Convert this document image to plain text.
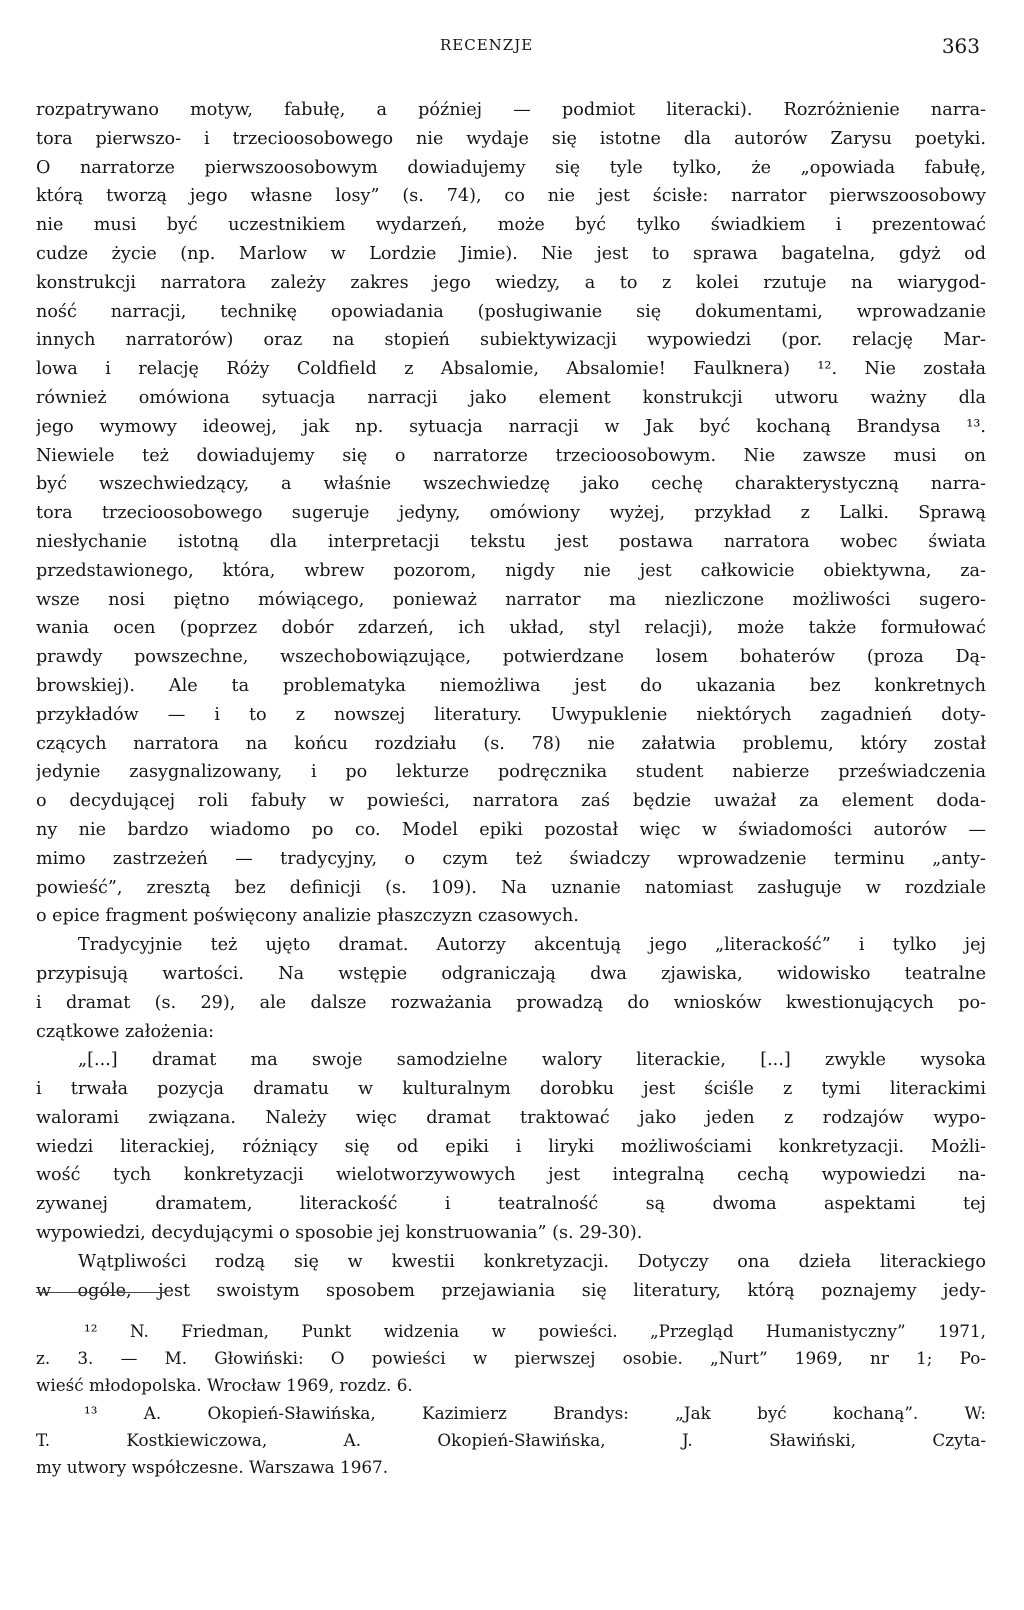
RECENZJE	363
rozpatrywano motyw, fabułę, a później — podmiot literacki). Rozróżnienie narra-
tora pierwszo- i trzecioosobowego nie wydaje się istotne dla autorów Zarysu poetyki.
O narratorze pierwszoosobowym dowiadujemy się tyle tylko, że „opowiada fabułę,
którą tworzą jego własne losy” (s. 74), co nie jest ścisłe: narrator pierwszoosobowy
nie musi być uczestnikiem wydarzeń, może być tylko świadkiem i prezentować
cudze życie (np. Marlow w Lordzie Jimie). Nie jest to sprawa bagatelna, gdyż od
konstrukcji narratora zależy zakres jego wiedzy, a to z kolei rzutuje na wiarygod-
ność narracji, technikę opowiadania (posługiwanie się dokumentami, wprowadzanie
innych narratorów) oraz na stopień subiektywizacji wypowiedzi (por. relację Mar-
lowa i relację Róży Coldfield z Absalomie, Absalomie! Faulknera) ¹². Nie została
również omówiona sytuacja narracji jako element konstrukcji utworu ważny dla
jego wymowy ideowej, jak np. sytuacja narracji w Jak być kochaną Brandysa ¹³.
Niewiele też dowiadujemy się o narratorze trzecioosobowym. Nie zawsze musi on
być wszechwiedzący, a właśnie wszechwiedzę jako cechę charakterystyczną narra-
tora trzecioosobowego sugeruje jedyny, omówiony wyżej, przykład z Lalki. Sprawą
niesłychanie istotną dla interpretacji tekstu jest postawa narratora wobec świata
przedstawionego, która, wbrew pozorom, nigdy nie jest całkowicie obiektywna, za-
wsze nosi piętno mówiącego, ponieważ narrator ma niezliczone możliwości sugero-
wania ocen (poprzez dobór zdarzeń, ich układ, styl relacji), może także formułować
prawdy powszechne, wszechobowiązujące, potwierdzane losem bohaterów (proza Dą-
browskiej). Ale ta problematyka niemożliwa jest do ukazania bez konkretnych
przykładów — i to z nowszej literatury. Uwypuklenie niektórych zagadnień doty-
czących narratora na końcu rozdziału (s. 78) nie załatwia problemu, który został
jedynie zasygnalizowany, i po lekturze podręcznika student nabierze przeświadczenia
o decydującej roli fabuły w powieści, narratora zaś będzie uważał za element doda-
ny nie bardzo wiadomo po co. Model epiki pozostał więc w świadomości autorów —
mimo zastrzeżeń — tradycyjny, o czym też świadczy wprowadzenie terminu „anty-
powieść”, zresztą bez definicji (s. 109). Na uznanie natomiast zasługuje w rozdziale
o epice fragment poświęcony analizie płaszczyzn czasowych.
Tradycyjnie też ujęto dramat. Autorzy akcentują jego „literackość” i tylko jej
przypisują wartości. Na wstępie odgraniczają dwa zjawiska, widowisko teatralne
i dramat (s. 29), ale dalsze rozważania prowadzą do wniosków kwestionujących po-
czątkowe założenia:
„[...] dramat ma swoje samodzielne walory literackie, [...] zwykle wysoka
i trwała pozycja dramatu w kulturalnym dorobku jest ściśle z tymi literackimi
walorami związana. Należy więc dramat traktować jako jeden z rodzajów wypo-
wiedzi literackiej, różniący się od epiki i liryki możliwościami konkretyzacji. Możli-
wość tych konkretyzacji wielotworzywowych jest integralną cechą wypowiedzi na-
zywanej dramatem, literackość i teatralność są dwoma aspektami tej
wypowiedzi, decydującymi o sposobie jej konstruowania” (s. 29-30).
Wątpliwości rodzą się w kwestii konkretyzacji. Dotyczy ona dzieła literackiego
w ogóle, jest swoistym sposobem przejawiania się literatury, którą poznajemy jedy-
¹² N. Friedman, Punkt widzenia w powieści. „Przegląd Humanistyczny” 1971,
z. 3. — M. Głowiński: O powieści w pierwszej osobie. „Nurt” 1969, nr 1; Po-
wieść młodopolska. Wrocław 1969, rozdz. 6.
¹³ A. Okopień-Sławińska, Kazimierz Brandys: „Jak być kochaną”. W:
T. Kostkiewiczowa, A. Okopień-Sławińska, J. Sławiński, Czyta-
my utwory współczesne. Warszawa 1967.
